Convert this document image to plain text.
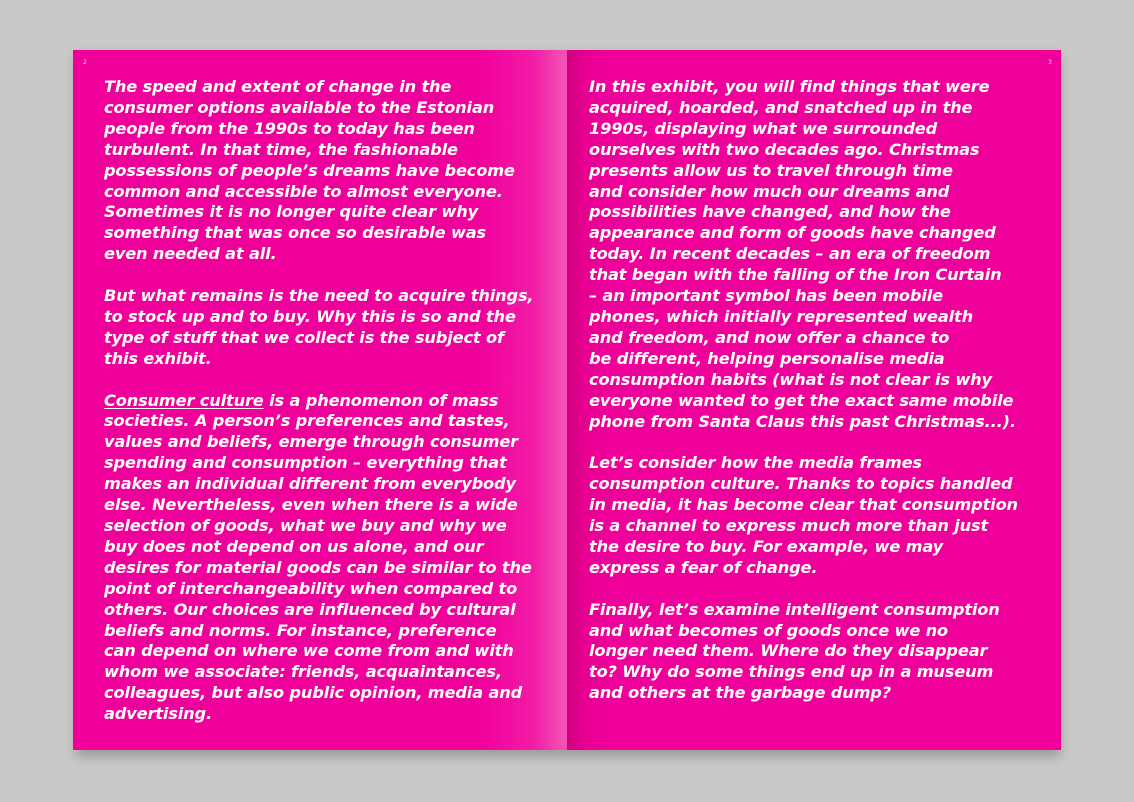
2

The speed and extent of change in the
consumer options available to the Estonian
people from the 1990s to today has been
turbulent. In that time, the fashionable
possessions of people’s dreams have become
common and accessible to almost everyone.
Sometimes it is no longer quite clear why
something that was once so desirable was
even needed at all.

But what remains is the need to acquire things,
to stock up and to buy. Why this is so and the
type of stuff that we collect is the subject of
this exhibit.

Consumer culture is a phenomenon of mass
societies. A person’s preferences and tastes,
values and beliefs, emerge through consumer
spending and consumption – everything that
makes an individual different from everybody
else. Nevertheless, even when there is a wide
selection of goods, what we buy and why we
buy does not depend on us alone, and our
desires for material goods can be similar to the
point of interchangeability when compared to
others. Our choices are influenced by cultural
beliefs and norms. For instance, preference
can depend on where we come from and with
whom we associate: friends, acquaintances,
colleagues, but also public opinion, media and
advertising.

3

In this exhibit, you will find things that were
acquired, hoarded, and snatched up in the
1990s, displaying what we surrounded
ourselves with two decades ago. Christmas
presents allow us to travel through time
and consider how much our dreams and
possibilities have changed, and how the
appearance and form of goods have changed
today. In recent decades – an era of freedom
that began with the falling of the Iron Curtain
– an important symbol has been mobile
phones, which initially represented wealth
and freedom, and now offer a chance to
be different, helping personalise media
consumption habits (what is not clear is why
everyone wanted to get the exact same mobile
phone from Santa Claus this past Christmas...).

Let’s consider how the media frames
consumption culture. Thanks to topics handled
in media, it has become clear that consumption
is a channel to express much more than just
the desire to buy. For example, we may
express a fear of change.

Finally, let’s examine intelligent consumption
and what becomes of goods once we no
longer need them. Where do they disappear
to? Why do some things end up in a museum
and others at the garbage dump?
